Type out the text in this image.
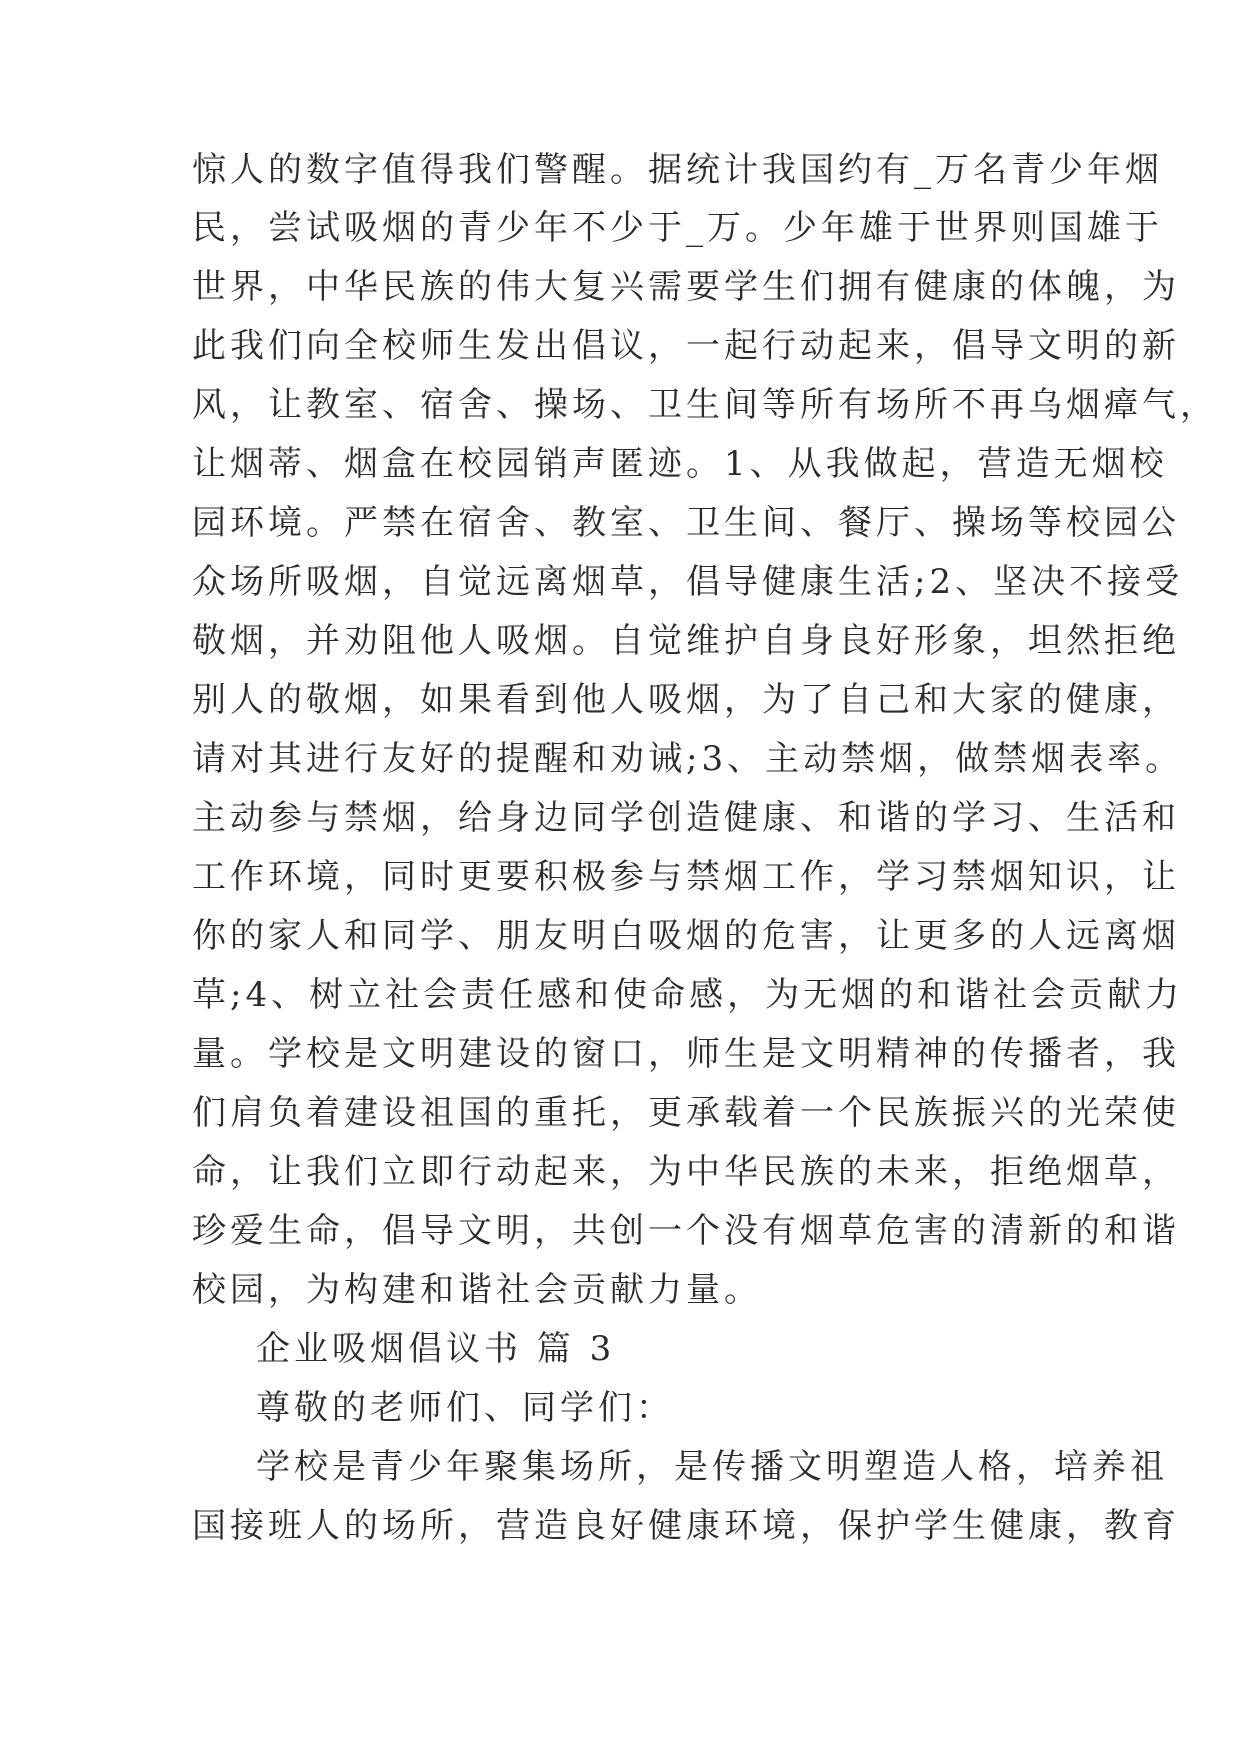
惊人的数字值得我们警醒。据统计我国约有_万名青少年烟
民，尝试吸烟的青少年不少于_万。少年雄于世界则国雄于
世界，中华民族的伟大复兴需要学生们拥有健康的体魄，为
此我们向全校师生发出倡议，一起行动起来，倡导文明的新
风，让教室、宿舍、操场、卫生间等所有场所不再乌烟瘴气，
让烟蒂、烟盒在校园销声匿迹。1、从我做起，营造无烟校
园环境。严禁在宿舍、教室、卫生间、餐厅、操场等校园公
众场所吸烟，自觉远离烟草，倡导健康生活;2、坚决不接受
敬烟，并劝阻他人吸烟。自觉维护自身良好形象，坦然拒绝
别人的敬烟，如果看到他人吸烟，为了自己和大家的健康，
请对其进行友好的提醒和劝诫;3、主动禁烟，做禁烟表率。
主动参与禁烟，给身边同学创造健康、和谐的学习、生活和
工作环境，同时更要积极参与禁烟工作，学习禁烟知识，让
你的家人和同学、朋友明白吸烟的危害，让更多的人远离烟
草;4、树立社会责任感和使命感，为无烟的和谐社会贡献力
量。学校是文明建设的窗口，师生是文明精神的传播者，我
们肩负着建设祖国的重托，更承载着一个民族振兴的光荣使
命，让我们立即行动起来，为中华民族的未来，拒绝烟草，
珍爱生命，倡导文明，共创一个没有烟草危害的清新的和谐
校园，为构建和谐社会贡献力量。
企业吸烟倡议书 篇 3
尊敬的老师们、同学们：
学校是青少年聚集场所，是传播文明塑造人格，培养祖
国接班人的场所，营造良好健康环境，保护学生健康，教育
